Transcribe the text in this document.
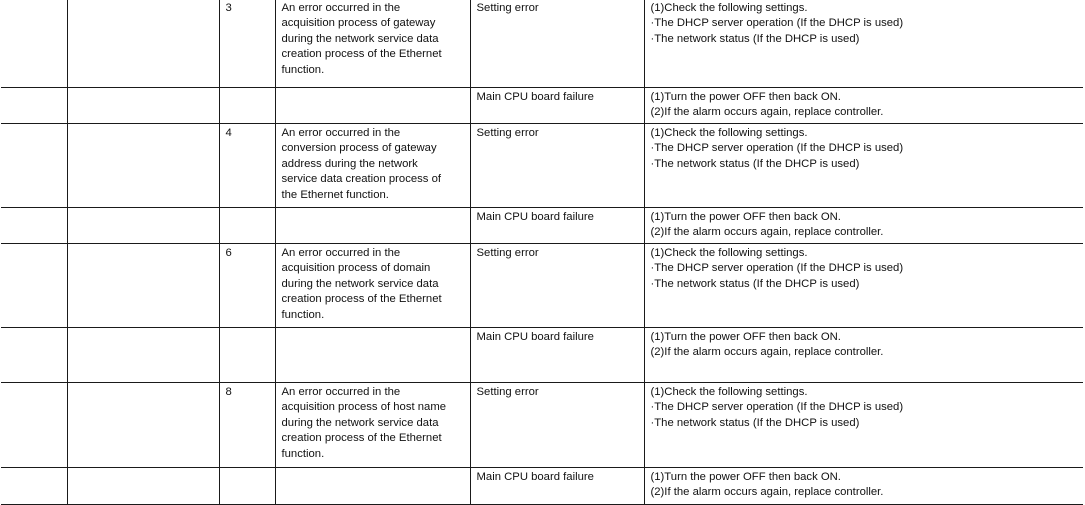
		3	An error occurred in the
acquisition process of gateway
during the network service data
creation process of the Ethernet
function.	Setting error	(1)Check the following settings.
·The DHCP server operation (If the DHCP is used)
·The network status (If the DHCP is used)
				Main CPU board failure	(1)Turn the power OFF then back ON.
(2)If the alarm occurs again, replace controller.
		4	An error occurred in the
conversion process of gateway
address during the network
service data creation process of
the Ethernet function.	Setting error	(1)Check the following settings.
·The DHCP server operation (If the DHCP is used)
·The network status (If the DHCP is used)
				Main CPU board failure	(1)Turn the power OFF then back ON.
(2)If the alarm occurs again, replace controller.
		6	An error occurred in the
acquisition process of domain
during the network service data
creation process of the Ethernet
function.	Setting error	(1)Check the following settings.
·The DHCP server operation (If the DHCP is used)
·The network status (If the DHCP is used)
				Main CPU board failure	(1)Turn the power OFF then back ON.
(2)If the alarm occurs again, replace controller.
		8	An error occurred in the
acquisition process of host name
during the network service data
creation process of the Ethernet
function.	Setting error	(1)Check the following settings.
·The DHCP server operation (If the DHCP is used)
·The network status (If the DHCP is used)
				Main CPU board failure	(1)Turn the power OFF then back ON.
(2)If the alarm occurs again, replace controller.
